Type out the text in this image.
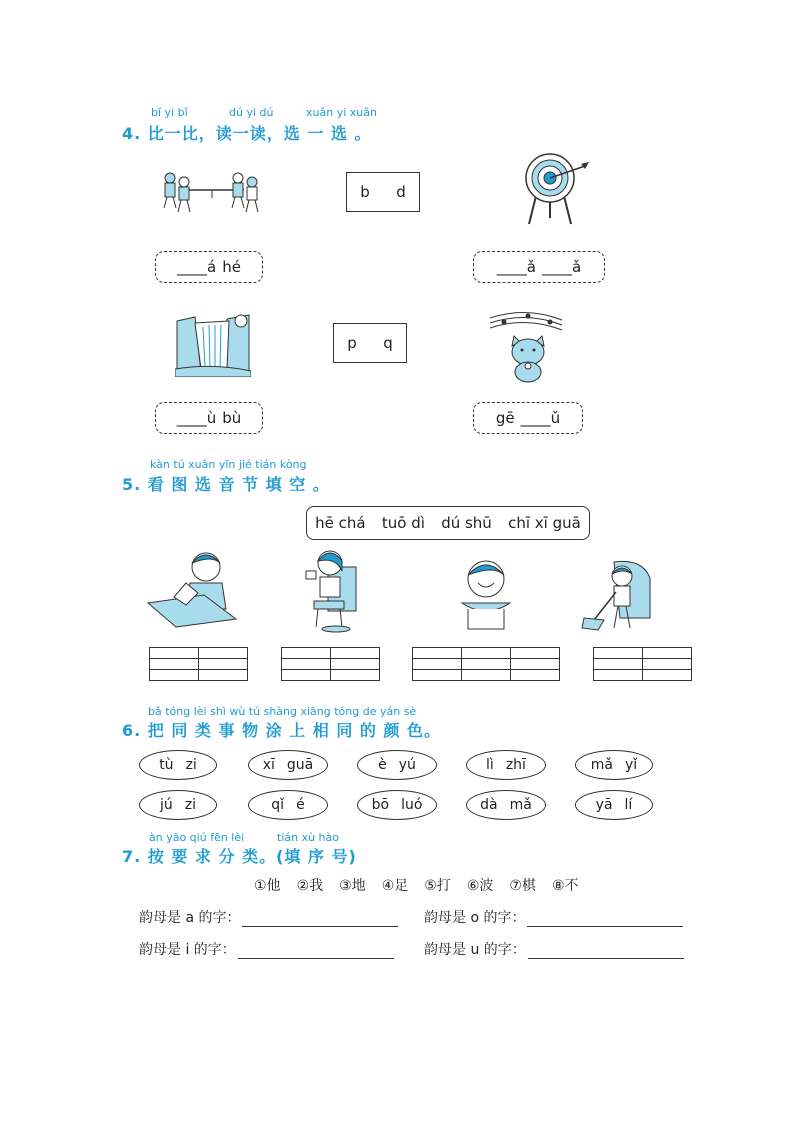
bǐ yi bǐ	dú yi dú	xuǎn yi xuǎn
4. 比一比，读一读，选 一 选 。
b d
____á hé	____ǎ ____ǎ
p q
____ù bù	gē ____ǔ
kàn tú xuǎn yīn jié tián kòng
5. 看 图 选 音 节 填 空 。
hē chá tuō dì dú shū chī xī guā

bǎ tóng lèi shì wù tú shàng xiāng tóng de yán sè
6. 把 同 类 事 物 涂 上 相 同 的 颜 色。
tù zi	xī guā	è yú	lì zhī	mǎ yǐ
jú zi	qǐ é	bō luó	dà mǎ	yā lí
àn yāo qiú fēn lèi	tián xù hào
7. 按 要 求 分 类。(填 序 号)
①他 ②我 ③地 ④足 ⑤打 ⑥波 ⑦棋 ⑧不
韵母是 a 的字：	韵母是 o 的字：
韵母是 i 的字：	韵母是 u 的字：
